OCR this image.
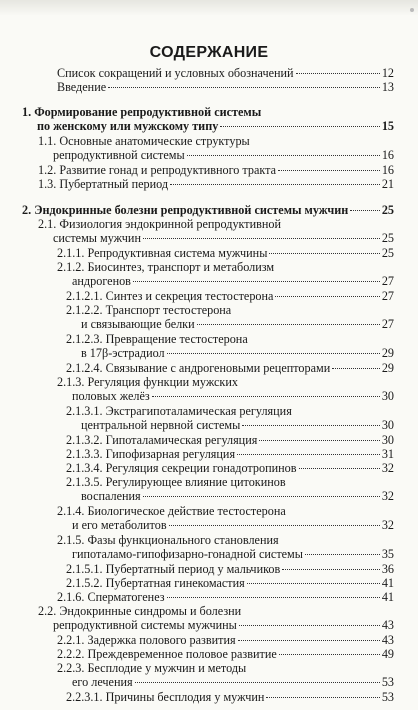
СОДЕРЖАНИЕ
Список сокращений и условных обозначений	12
Введение	13
1. Формирование репродуктивной системы
по женскому или мужскому типу	15
1.1. Основные анатомические структуры
репродуктивной системы	16
1.2. Развитие гонад и репродуктивного тракта	16
1.3. Пубертатный период	21
2. Эндокринные болезни репродуктивной системы мужчин	25
2.1. Физиология эндокринной репродуктивной
системы мужчин	25
2.1.1. Репродуктивная система мужчины	25
2.1.2. Биосинтез, транспорт и метаболизм
андрогенов	27
2.1.2.1. Синтез и секреция тестостерона	27
2.1.2.2. Транспорт тестостерона
и связывающие белки	27
2.1.2.3. Превращение тестостерона
в 17β-эстрадиол	29
2.1.2.4. Связывание с андрогеновыми рецепторами	29
2.1.3. Регуляция функции мужских
половых желёз	30
2.1.3.1. Экстрагипоталамическая регуляция
центральной нервной системы	30
2.1.3.2. Гипоталамическая регуляция	30
2.1.3.3. Гипофизарная регуляция	31
2.1.3.4. Регуляция секреции гонадотропинов	32
2.1.3.5. Регулирующее влияние цитокинов
воспаления	32
2.1.4. Биологическое действие тестостерона
и его метаболитов	32
2.1.5. Фазы функционального становления
гипоталамо-гипофизарно-гонадной системы	35
2.1.5.1. Пубертатный период у мальчиков	36
2.1.5.2. Пубертатная гинекомастия	41
2.1.6. Сперматогенез	41
2.2. Эндокринные синдромы и болезни
репродуктивной системы мужчины	43
2.2.1. Задержка полового развития	43
2.2.2. Преждевременное половое развитие	49
2.2.3. Бесплодие у мужчин и методы
его лечения	53
2.2.3.1. Причины бесплодия у мужчин	53
